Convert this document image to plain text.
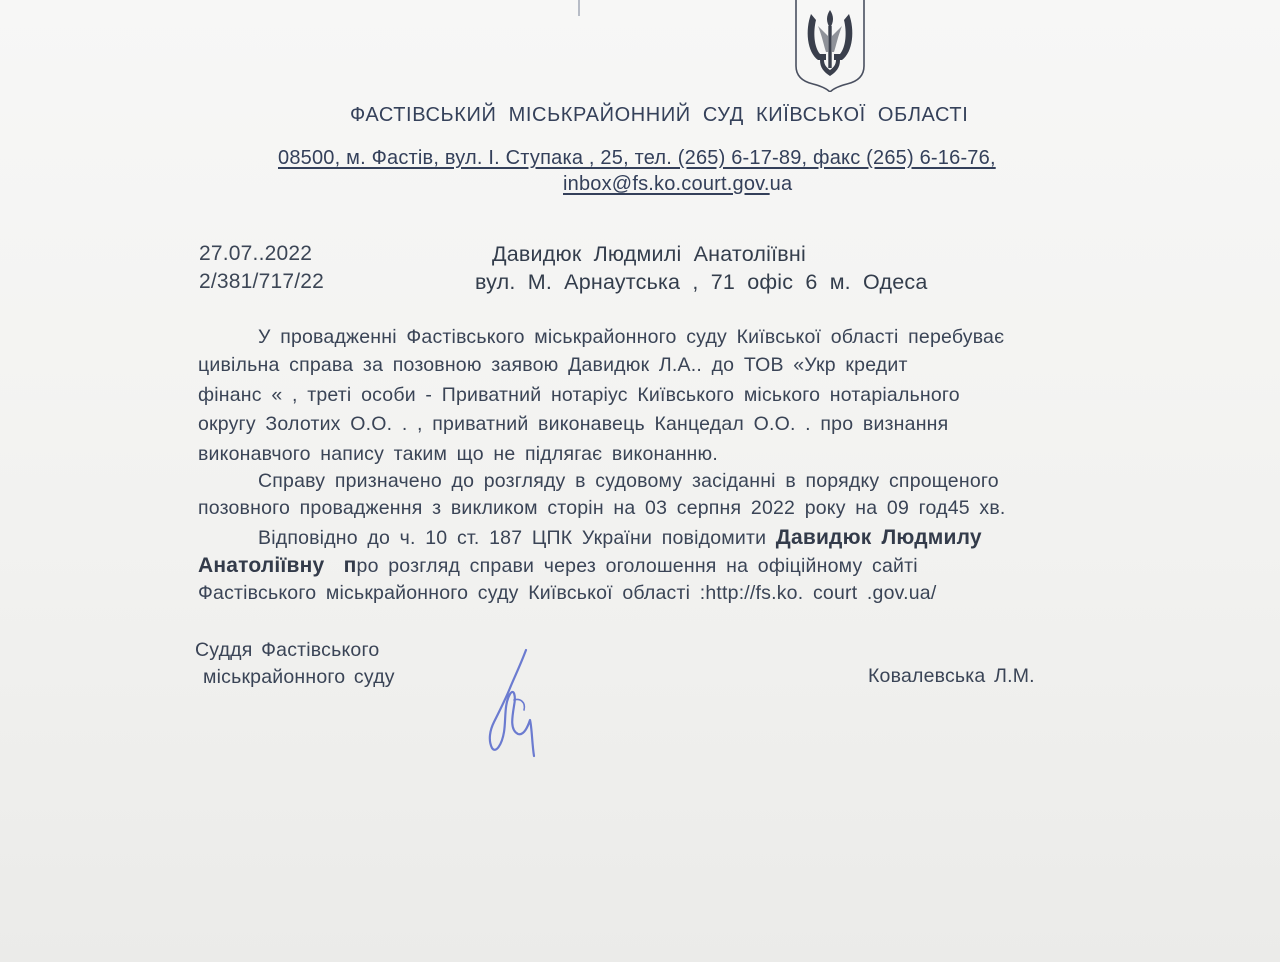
ФАСТІВСЬКИЙ МІСЬКРАЙОННИЙ СУД КИЇВСЬКОЇ ОБЛАСТІ
08500, м. Фастів, вул. І. Ступака , 25, тел. (265) 6-17-89, факс (265) 6-16-76,
inbox@fs.ko.court.gov.ua
27.07..2022
2/381/717/22
Давидюк Людмилі Анатоліївні
вул. М. Арнаутська , 71 офіс 6 м. Одеса
У провадженні Фастівського міськрайонного суду Київської області перебуває
цивільна справа за позовною заявою Давидюк Л.А.. до ТОВ «Укр кредит
фінанс « , треті особи - Приватний нотаріус Київського міського нотаріального
округу Золотих О.О. . , приватний виконавець Канцедал О.О. . про визнання
виконавчого напису таким що не підлягає виконанню.
Справу призначено до розгляду в судовому засіданні в порядку спрощеного
позовного провадження з викликом сторін на 03 серпня 2022 року на 09 год45 хв.
Відповідно до ч. 10 ст. 187 ЦПК України повідомити Давидюк Людмилу
Анатоліївну про розгляд справи через оголошення на офіційному сайті
Фастівського міськрайонного суду Київської області :http://fs.ko. court .gov.ua/
Суддя Фастівського
міськрайонного суду	Ковалевська Л.М.
